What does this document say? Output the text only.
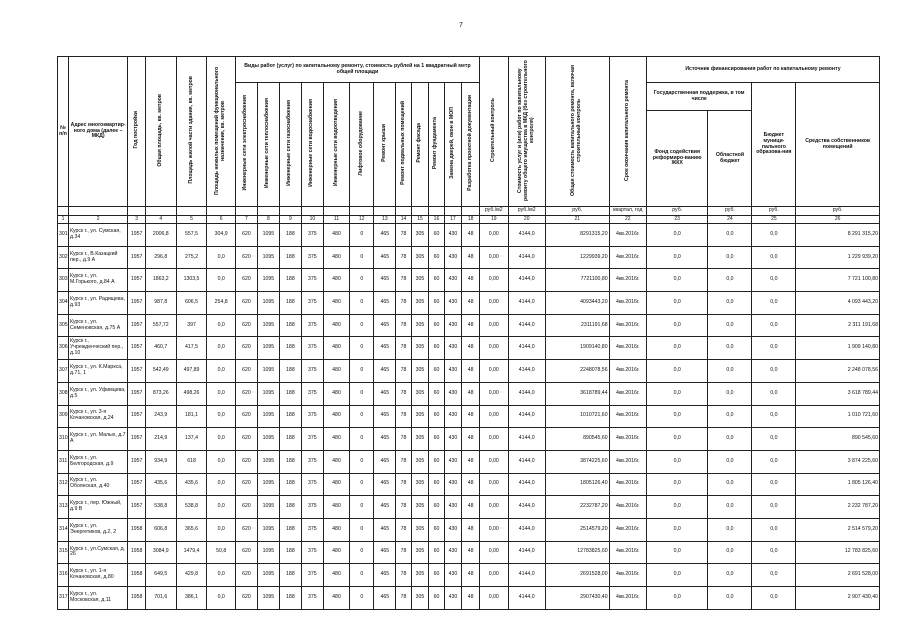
7
№ п/п	Адрес многоквартир-ного дома (далее – МКД)	Год постройки	Общая площадь, кв. метров	Площадь жилой части здания, кв. метров	Площадь нежилых помещений функционального назначения, кв. метров	Виды работ (услуг) по капитальному ремонту, стоимость рублей на 1 квадратный метр общей площади												Строительный контроль	Стоимость услуг и (или) работ по капитальному ремонту общего имущества в МКД (без строительного контроля)	Общая стоимость капитального ремонта, включая строительный контроль	Срок окончания капитального ремонта	Источник финансирования работ по капитальному ремонту			
						Инженерные сети электроснабжения	Инженерные сети теплоснабжения	Инженерные сети газоснабжения	Инженерные сети водоснабжения	Инженерные сети водоотведения	Лифтовое оборудование	Ремонт крыши	Ремонт подвальных помещений	Ремонт фасада	Ремонт фундамента	Замена дверей, окон в МОП	Разработка проектной документации					Государственная поддержка, в том числе		Бюджет муници-пального образова-ния	Средства собственников помещений
																						Фонд содействия реформиро-ванию ЖКХ	Областной бюджет		
																		руб./м2	руб./м2	руб.	квартал, год	руб.	руб.	руб.	руб.
1	2	3	4	5	6	7	8	9	10	11	12	13	14	15	16	17	18	19	20	21	22	23	24	25	26
301	Курск г., ул. Сумская, д.34	1957	2006,8	557,5	304,9	620	1095	188	375	480	0	465	78	305	60	430	48	0,00	4144,0	8291315,20	4кв.2016г.	0,0	0,0	0,0	8 291 315,20
302	Курск г., В.Казацкий пер., д.9 А	1957	296,8	275,2	0,0	620	1095	188	375	480	0	465	78	305	60	430	48	0,00	4144,0	1229939,20	4кв.2016г.	0,0	0,0	0,0	1 229 939,20
303	Курск г., ул. М.Горького, д.84 А	1957	1863,2	1303,5	0,0	620	1095	188	375	480	0	465	78	305	60	430	48	0,00	4144,0	7721100,80	4кв.2016г.	0,0	0,0	0,0	7 721 100,80
304	Курск г., ул. Радищева, д.93	1957	987,8	606,5	254,8	620	1095	188	375	480	0	465	78	305	60	430	48	0,00	4144,0	4093443,20	4кв.2016г.	0,0	0,0	0,0	4 093 443,20
305	Курск г., ул. Семеновская, д.75 А	1957	557,72	397	0,0	620	1095	188	375	480	0	465	78	305	60	430	48	0,00	4144,0	2311191,68	4кв.2016г.	0,0	0,0	0,0	2 311 191,68
306	Курск г., Учрежденческий пер., д.10	1957	460,7	417,5	0,0	620	1095	188	375	480	0	465	78	305	60	430	48	0,00	4144,0	1909140,80	4кв.2016г.	0,0	0,0	0,0	1 909 140,80
307	Курск г., ул. К.Маркса, д.71, 1	1957	542,49	497,89	0,0	620	1095	188	375	480	0	465	78	305	60	430	48	0,00	4144,0	2248078,56	4кв.2016г.	0,0	0,0	0,0	2 248 078,56
308	Курск г., ул. Уфимцева, д.5	1957	873,26	498,26	0,0	620	1095	188	375	480	0	465	78	305	60	430	48	0,00	4144,0	3618789,44	4кв.2016г.	0,0	0,0	0,0	3 618 789,44
309	Курск г., ул. 3-я Кочановская, д.24	1957	243,9	181,1	0,0	620	1095	188	375	480	0	465	78	305	60	430	48	0,00	4144,0	1010721,60	4кв.2016г.	0,0	0,0	0,0	1 010 721,60
310	Курск г., ул. Малых, д.7 А	1957	214,9	137,4	0,0	620	1095	188	375	480	0	465	78	305	60	430	48	0,00	4144,0	890545,60	4кв.2016г.	0,0	0,0	0,0	890 545,60
311	Курск г., ул. Белгородская, д.9	1957	934,9	618	0,0	620	1095	188	375	480	0	465	78	305	60	430	48	0,00	4144,0	3874225,60	4кв.2016г.	0,0	0,0	0,0	3 874 225,60
312	Курск г., ул. Обоянская, д.40	1957	435,6	435,6	0,0	620	1095	188	375	480	0	465	78	305	60	430	48	0,00	4144,0	1805126,40	4кв.2016г.	0,0	0,0	0,0	1 805 126,40
313	Курск г., пер. Южный, д.9 В	1957	538,8	538,8	0,0	620	1095	188	375	480	0	465	78	305	60	430	48	0,00	4144,0	2232787,20	4кв.2016г.	0,0	0,0	0,0	2 232 787,20
314	Курск г., ул. Энергетиков, д.2, 2	1958	606,8	365,6	0,0	620	1095	188	375	480	0	465	78	305	60	430	48	0,00	4144,0	2514579,20	4кв.2016г.	0,0	0,0	0,0	2 514 579,20
315	Курск г., ул.Сумская, д. 26	1958	3084,9	1479,4	50,8	620	1095	188	375	480	0	465	78	305	60	430	48	0,00	4144,0	12783825,60	4кв.2016г.	0,0	0,0	0,0	12 783 825,60
316	Курск г., ул. 1-я Кочановская, д.80	1958	649,5	429,8	0,0	620	1095	188	375	480	0	465	78	305	60	430	48	0,00	4144,0	2691528,00	4кв.2016г.	0,0	0,0	0,0	2 691 528,00
317	Курск г., ул. Московская, д.11	1958	701,6	386,1	0,0	620	1095	188	375	480	0	465	78	305	60	430	48	0,00	4144,0	2907430,40	4кв.2016г.	0,0	0,0	0,0	2 907 430,40
